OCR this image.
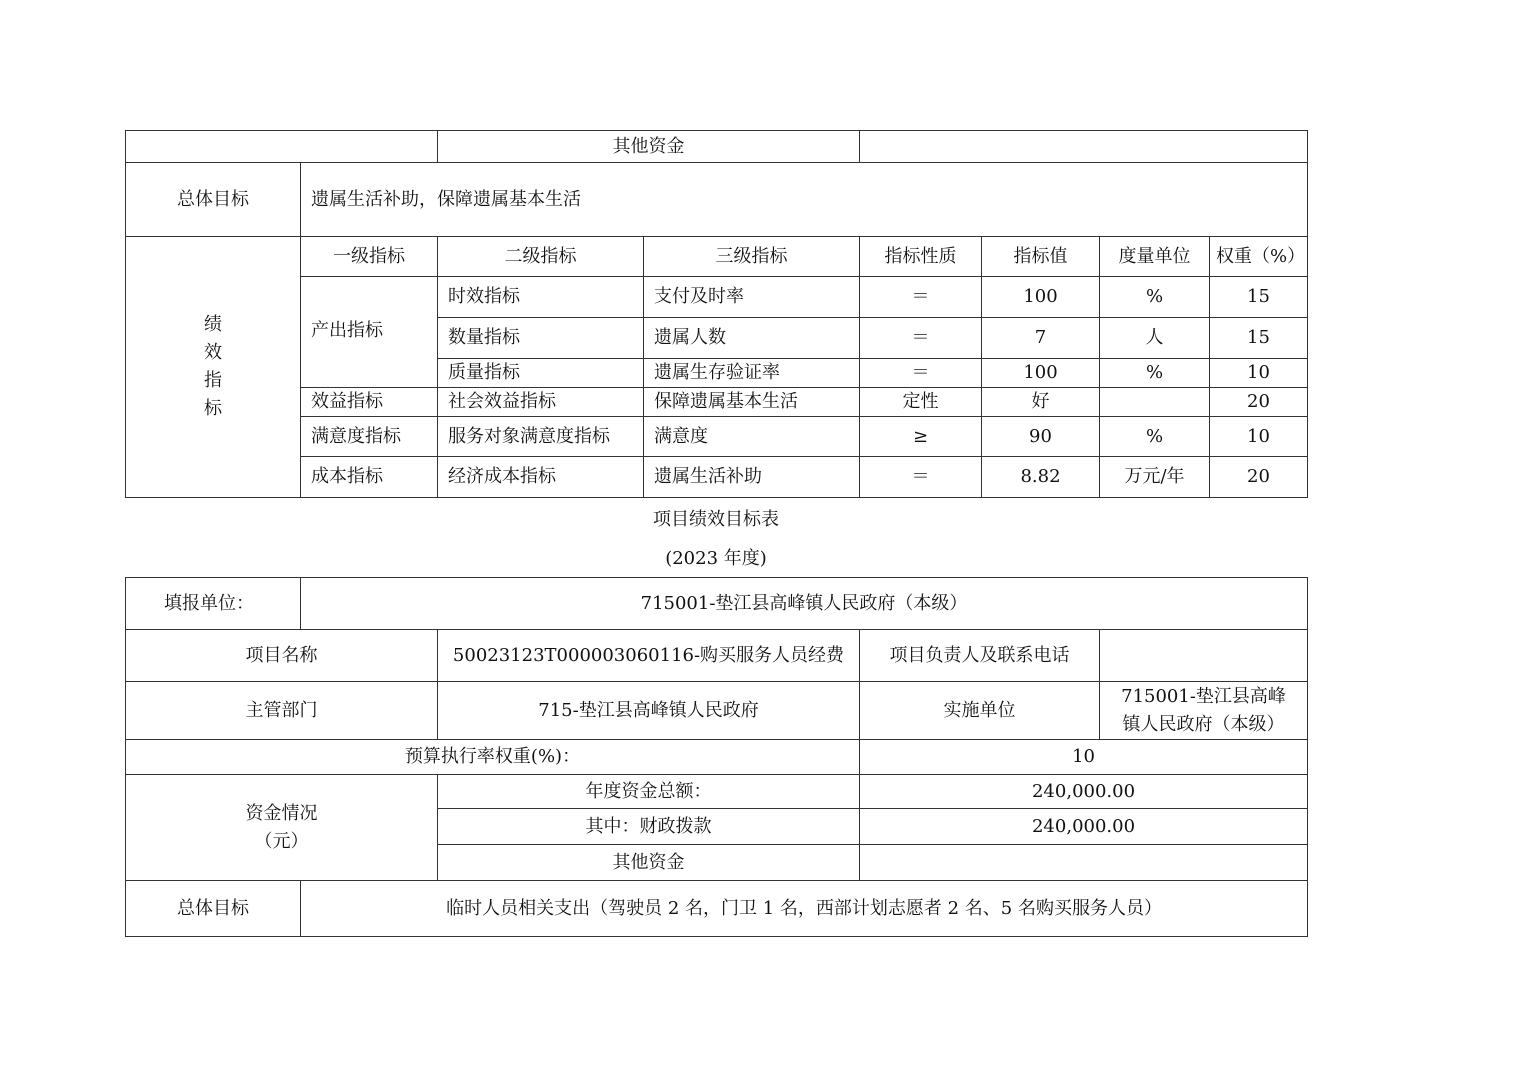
		其他资金					
总体目标	遗属生活补助，保障遗属基本生活						

绩
效
指
标	一级指标	二级指标	三级指标	指标性质	指标值	度量单位	权重（%）
	产出指标	时效指标	支付及时率	＝	100	%	15
		数量指标	遗属人数	＝	7	人	15
		质量指标	遗属生存验证率	＝	100	%	10
	效益指标	社会效益指标	保障遗属基本生活	定性	好		20
	满意度指标	服务对象满意度指标	满意度	≥	90	%	10
	成本指标	经济成本指标	遗属生活补助	＝	8.82	万元/年	20
项目绩效目标表
(2023 年度)
填报单位：	715001-垫江县高峰镇人民政府（本级）			
项目名称		50023123T000003060116-购买服务人员经费	项目负责人及联系电话	
主管部门		715-垫江县高峰镇人民政府	实施单位	715001-垫江县高峰
镇人民政府（本级）

预算执行率权重(%)：			10	

资金情况
（元）		年度资金总额：	240,000.00	
		其中：财政拨款	240,000.00	
		其他资金		
总体目标	临时人员相关支出（驾驶员 2 名，门卫 1 名，西部计划志愿者 2 名、5 名购买服务人员）			
